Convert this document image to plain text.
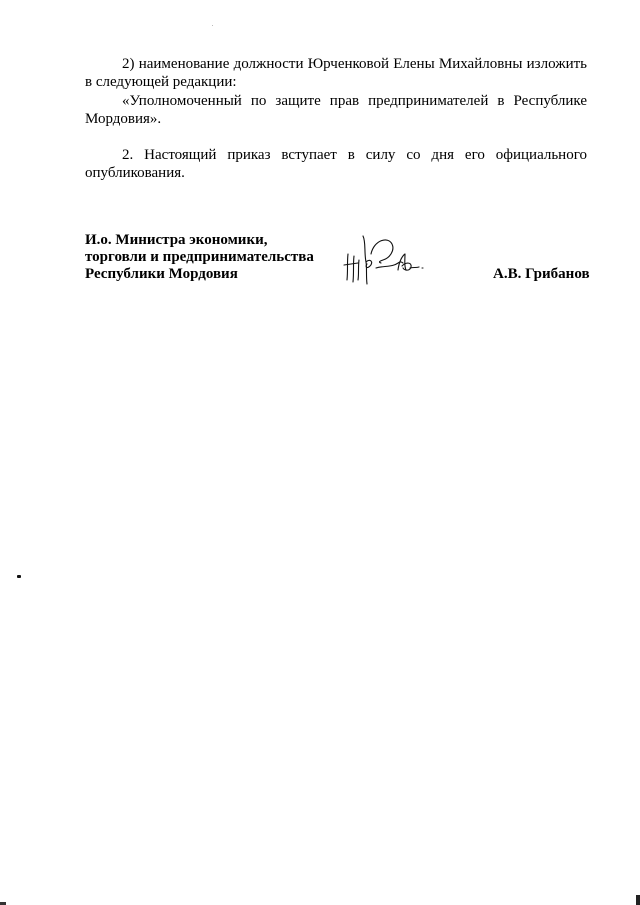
2) наименование должности Юрченковой Елены Михайловны изложить в следующей редакции:

«Уполномоченный по защите прав предпринимателей в Республике Мордовия».

2. Настоящий приказ вступает в силу со дня его официального опубликования.

И.о. Министра экономики,
торговли и предпринимательства
Республики Мордовия	А.В. Грибанов
